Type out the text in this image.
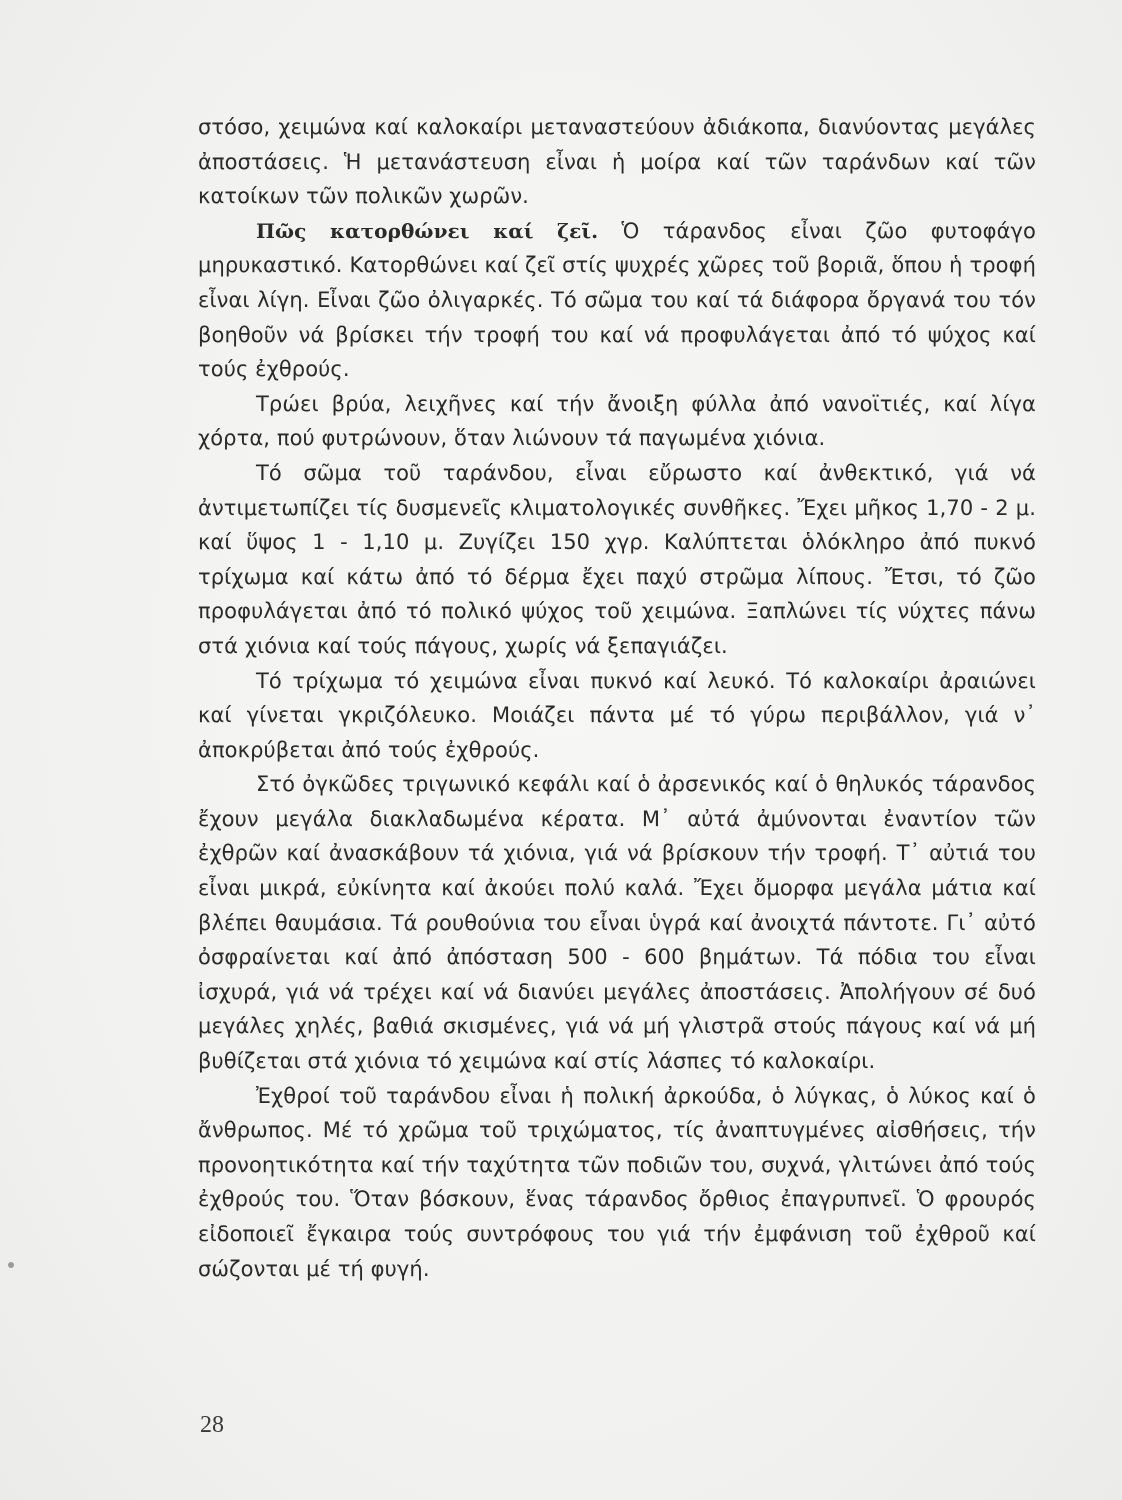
στόσο, χειμώνα καί καλοκαίρι μεταναστεύουν ἀδιάκοπα, διανύοντας μεγάλες ἀποστάσεις. Ἡ μετανάστευση εἶναι ἡ μοίρα καί τῶν ταράνδων καί τῶν κατοίκων τῶν πολικῶν χωρῶν.

Πῶς κατορθώνει καί ζεῖ. Ὁ τάρανδος εἶναι ζῶο φυτοφάγο μηρυκαστικό. Κατορθώνει καί ζεῖ στίς ψυχρές χῶρες τοῦ βοριᾶ, ὅπου ἡ τροφή εἶναι λίγη. Εἶναι ζῶο ὀλιγαρκές. Τό σῶμα του καί τά διάφορα ὄργανά του τόν βοηθοῦν νά βρίσκει τήν τροφή του καί νά προφυλάγεται ἀπό τό ψύχος καί τούς ἐχθρούς.

Τρώει βρύα, λειχῆνες καί τήν ἄνοιξη φύλλα ἀπό νανοϊτιές, καί λίγα χόρτα, πού φυτρώνουν, ὅταν λιώνουν τά παγωμένα χιόνια.

Τό σῶμα τοῦ ταράνδου, εἶναι εὔρωστο καί ἀνθεκτικό, γιά νά ἀντιμετωπίζει τίς δυσμενεῖς κλιματολογικές συνθῆκες. Ἔχει μῆκος 1,70 - 2 μ. καί ὕψος 1 - 1,10 μ. Ζυγίζει 150 χγρ. Καλύπτεται ὁλόκληρο ἀπό πυκνό τρίχωμα καί κάτω ἀπό τό δέρμα ἔχει παχύ στρῶμα λίπους. Ἔτσι, τό ζῶο προφυλάγεται ἀπό τό πολικό ψύχος τοῦ χειμώνα. Ξαπλώνει τίς νύχτες πάνω στά χιόνια καί τούς πάγους, χωρίς νά ξεπαγιάζει.

Τό τρίχωμα τό χειμώνα εἶναι πυκνό καί λευκό. Τό καλοκαίρι ἀραιώνει καί γίνεται γκριζόλευκο. Μοιάζει πάντα μέ τό γύρω περιβάλλον, γιά ν᾽ ἀποκρύβεται ἀπό τούς ἐχθρούς.

Στό ὀγκῶδες τριγωνικό κεφάλι καί ὁ ἀρσενικός καί ὁ θηλυκός τάρανδος ἔχουν μεγάλα διακλαδωμένα κέρατα. Μ᾽ αὐτά ἀμύνονται ἐναντίον τῶν ἐχθρῶν καί ἀνασκάβουν τά χιόνια, γιά νά βρίσκουν τήν τροφή. Τ᾽ αὐτιά του εἶναι μικρά, εὐκίνητα καί ἀκούει πολύ καλά. Ἔχει ὄμορφα μεγάλα μάτια καί βλέπει θαυμάσια. Τά ρουθούνια του εἶναι ὑγρά καί ἀνοιχτά πάντοτε. Γι᾽ αὐτό ὀσφραίνεται καί ἀπό ἀπόσταση 500 - 600 βημάτων. Τά πόδια του εἶναι ἰσχυρά, γιά νά τρέχει καί νά διανύει μεγάλες ἀποστάσεις. Ἀπολήγουν σέ δυό μεγάλες χηλές, βαθιά σκισμένες, γιά νά μή γλιστρᾶ στούς πάγους καί νά μή βυθίζεται στά χιόνια τό χειμώνα καί στίς λάσπες τό καλοκαίρι.

Ἐχθροί τοῦ ταράνδου εἶναι ἡ πολική ἀρκούδα, ὁ λύγκας, ὁ λύκος καί ὁ ἄνθρωπος. Μέ τό χρῶμα τοῦ τριχώματος, τίς ἀναπτυγμένες αἰσθήσεις, τήν προνοητικότητα καί τήν ταχύτητα τῶν ποδιῶν του, συχνά, γλιτώνει ἀπό τούς ἐχθρούς του. Ὅταν βόσκουν, ἕνας τάρανδος ὄρθιος ἐπαγρυπνεῖ. Ὁ φρουρός εἰδοποιεῖ ἔγκαιρα τούς συντρόφους του γιά τήν ἐμφάνιση τοῦ ἐχθροῦ καί σώζονται μέ τή φυγή.

28
